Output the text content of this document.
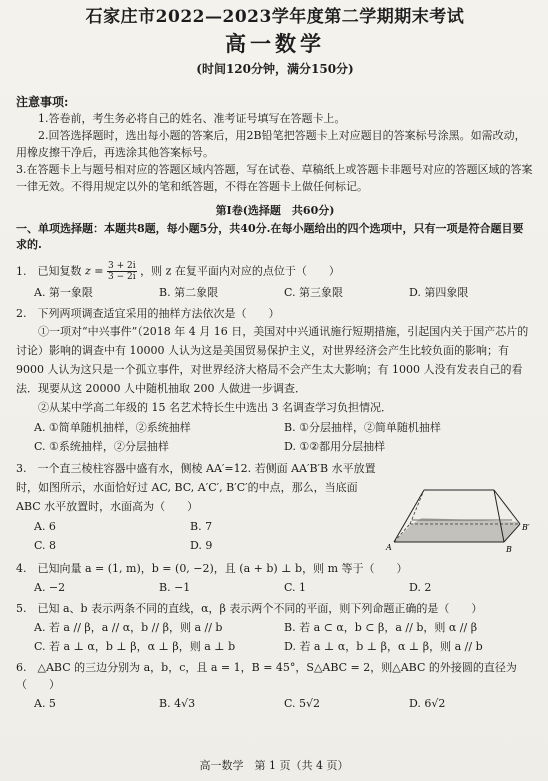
石家庄市2022—2023学年度第二学期期末考试
高一数学
(时间120分钟，满分150分)
注意事项:
1.答卷前，考生务必将自己的姓名、准考证号填写在答题卡上。
2.回答选择题时，选出每小题的答案后，用2B铅笔把答题卡上对应题目的答案标号涂黑。如需改动，用橡皮擦干净后，再选涂其他答案标号。
3.在答题卡上与题号相对应的答题区域内答题，写在试卷、草稿纸上或答题卡非题号对应的答题区域的答案一律无效。不得用规定以外的笔和纸答题，不得在答题卡上做任何标记。
第Ⅰ卷(选择题　共60分)
一、单项选择题：本题共8题，每小题5分，共40分.在每小题给出的四个选项中，只有一项是符合题目要求的.
1. 已知复数 $z = \frac{3 + 2i}{3 - 2i}$ ，则 z 在复平面内对应的点位于（　　）
A. 第一象限	B. 第二象限	C. 第三象限	D. 第四象限
2. 下列两项调查适宜采用的抽样方法依次是（　　）
①一项对“中兴事件”（2018 年 4 月 16 日，美国对中兴通讯施行短期措施，引起国内关于国产芯片的讨论）影响的调查中有 10000 人认为这是美国贸易保护主义，对世界经济会产生比较负面的影响；有 9000 人认为这只是一个孤立事件，对世界经济大格局不会产生太大影响；有 1000 人没有发表自己的看法．现要从这 20000 人中随机抽取 200 人做进一步调查．
②从某中学高二年级的 15 名艺术特长生中选出 3 名调查学习负担情况．
A. ①简单随机抽样，②系统抽样	B. ①分层抽样，②简单随机抽样
C. ①系统抽样，②分层抽样	D. ①②都用分层抽样
3. 一个直三棱柱容器中盛有水，侧棱 AA′=12. 若侧面 AA′B′B 水平放置时，如图所示，水面恰好过 AC, BC, A′C′, B′C′的中点，那么，当底面 ABC 水平放置时，水面高为（　　）
A. 6	B. 7
C. 8	D. 9
4. 已知向量 a = (1, m)，b = (0, −2)，且 (a + b) ⊥ b，则 m 等于（　　）
A. −2	B. −1	C. 1	D. 2
5. 已知 a、b 表示两条不同的直线，α，β 表示两个不同的平面，则下列命题正确的是（　　）
A. 若 a // β，a // α，b // β，则 a // b	B. 若 a ⊂ α，b ⊂ β，a // b，则 α // β
C. 若 a ⊥ α，b ⊥ β，α ⊥ β，则 a ⊥ b	D. 若 a ⊥ α，b ⊥ β，α ⊥ β，则 a // b
6. △ABC 的三边分别为 a，b，c，且 a = 1，B = 45°，S△ABC = 2，则△ABC 的外接圆的直径为（　　）
A. 5	B. 4√3	C. 5√2	D. 6√2
A	B
B′
高一数学　第 1 页（共 4 页）
